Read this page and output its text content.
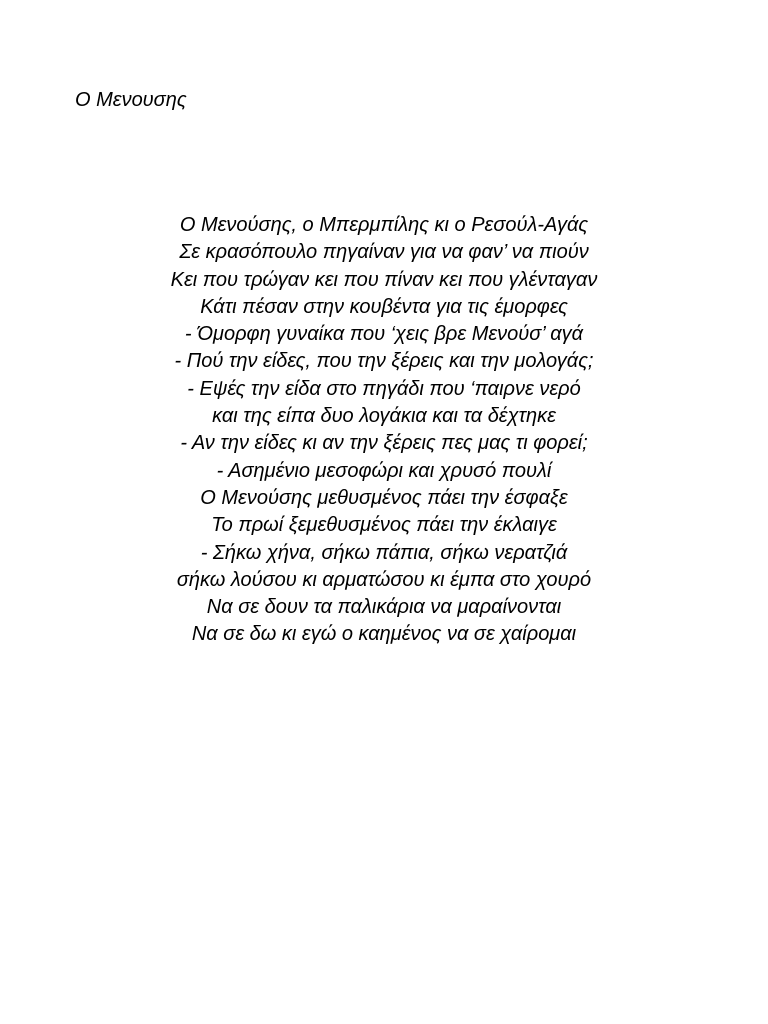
Ο Μενουσης
Ο Μενούσης, ο Μπερμπίλης κι ο Ρεσούλ-Αγάς
Σε κρασόπουλο πηγαίναν για να φαν’ να πιούν
Κει που τρώγαν κει που πίναν κει που γλένταγαν
Κάτι πέσαν στην κουβέντα για τις έμορφες
- Όμορφη γυναίκα που ‘χεις βρε Μενούσ’ αγά
- Πού την είδες, που την ξέρεις και την μολογάς;
- Εψές την είδα στο πηγάδι που ‘παιρνε νερό
και της είπα δυο λογάκια και τα δέχτηκε
- Αν την είδες κι αν την ξέρεις πες μας τι φορεί;
- Ασημένιο μεσοφώρι και χρυσό πουλί
Ο Μενούσης μεθυσμένος πάει την έσφαξε
Το πρωί ξεμεθυσμένος πάει την έκλαιγε
- Σήκω χήνα, σήκω πάπια, σήκω νερατζιά
σήκω λούσου κι αρματώσου κι έμπα στο χουρό
Να σε δουν τα παλικάρια να μαραίνονται
Να σε δω κι εγώ ο καημένος να σε χαίρομαι
